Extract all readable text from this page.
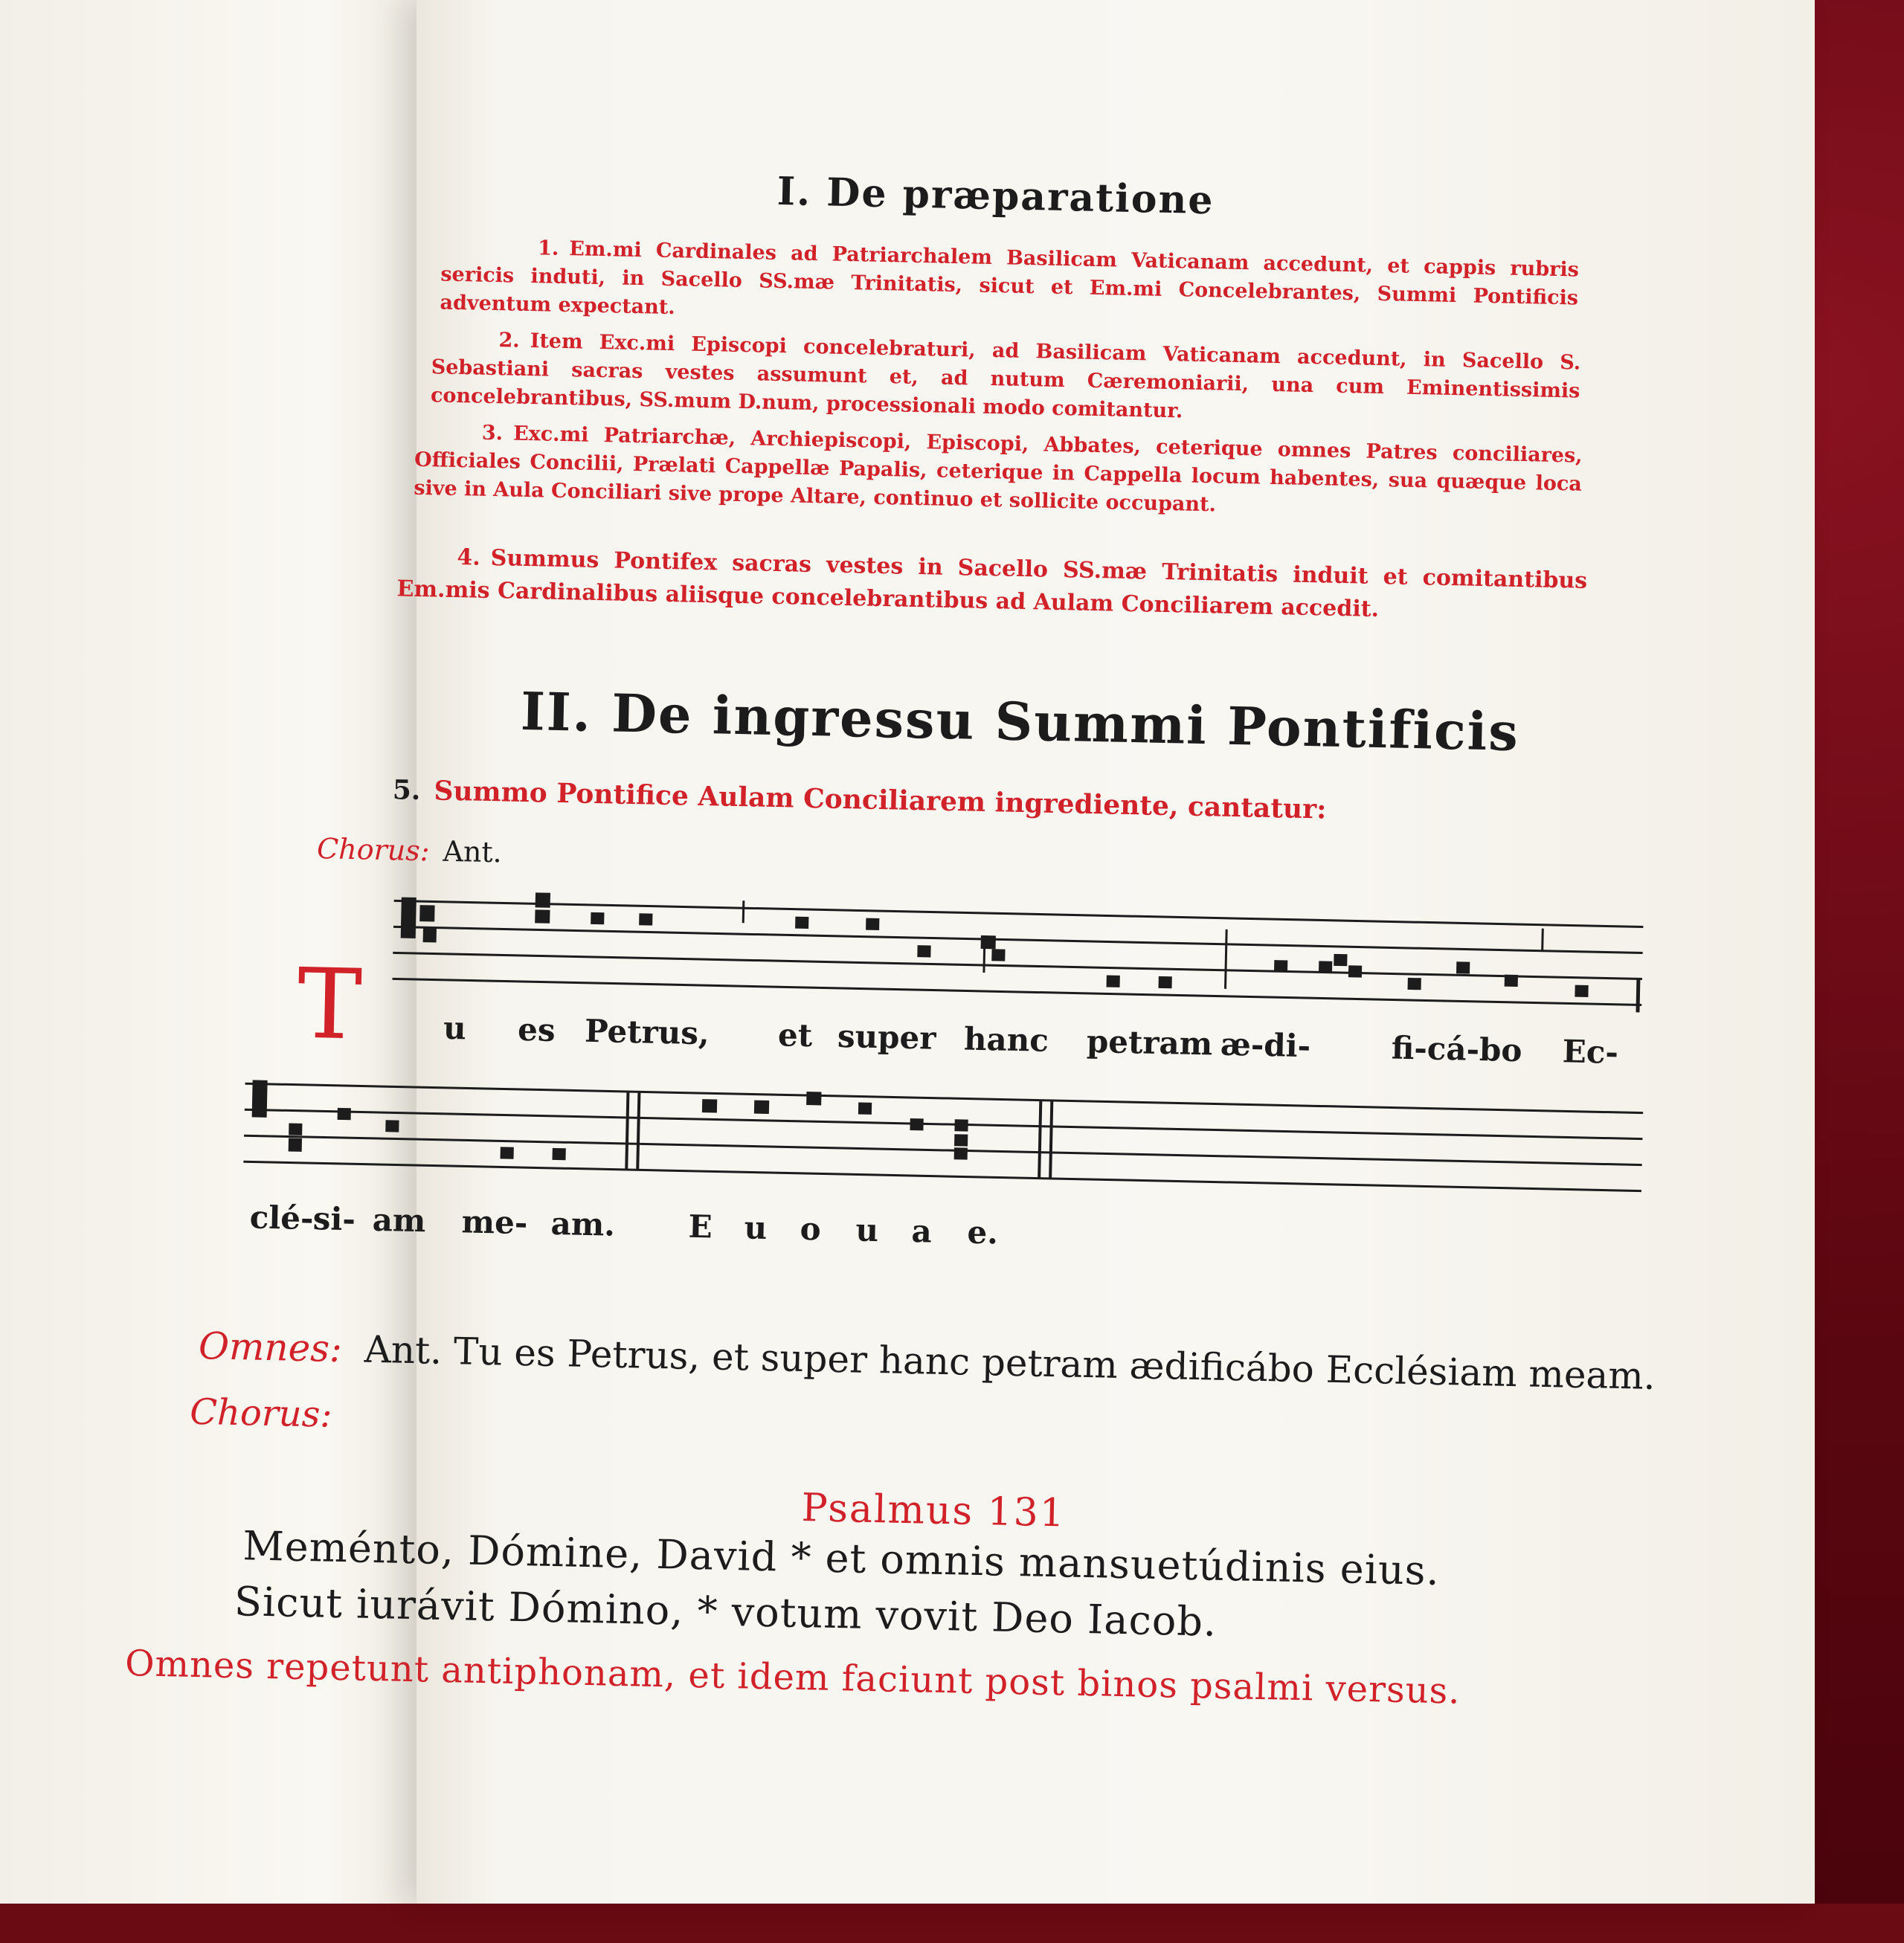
I. De præparatione
1. Em.mi Cardinales ad Patriarchalem Basilicam Vaticanam accedunt, et cappis rubris sericis induti, in Sacello SS.mæ Trinitatis, sicut et Em.mi Concelebrantes, Summi Pontificis adventum expectant.
2. Item Exc.mi Episcopi concelebraturi, ad Basilicam Vaticanam accedunt, in Sacello S. Sebastiani sacras vestes assumunt et, ad nutum Cæremoniarii, una cum Eminentissimis concelebrantibus, SS.mum D.num, processionali modo comitantur.
3. Exc.mi Patriarchæ, Archiepiscopi, Episcopi, Abbates, ceterique omnes Patres conciliares, Officiales Concilii, Prælati Cappellæ Papalis, ceterique in Cappella locum habentes, sua quæque loca sive in Aula Conciliari sive prope Altare, continuo et sollicite occupant.
4. Summus Pontifex sacras vestes in Sacello SS.mæ Trinitatis induit et comitantibus Em.mis Cardinalibus aliisque concelebrantibus ad Aulam Conciliarem accedit.
II. De ingressu Summi Pontificis
5. Summo Pontifice Aulam Conciliarem ingrediente, cantatur:
Chorus: Ant.
T	u es Petrus, et super hanc petram æ-di-	fi-cá-bo Ec-
clé-
si- am me- am. E u o u a e.
Omnes: Ant. Tu es Petrus, et super hanc petram ædificábo Ecclésiam meam.
Chorus:
Psalmus 131
Meménto, Dómine, David * et omnis mansuetúdinis eius.
Sicut iurávit Dómino, * votum vovit Deo Iacob.
Omnes repetunt antiphonam, et idem faciunt post binos psalmi versus.
